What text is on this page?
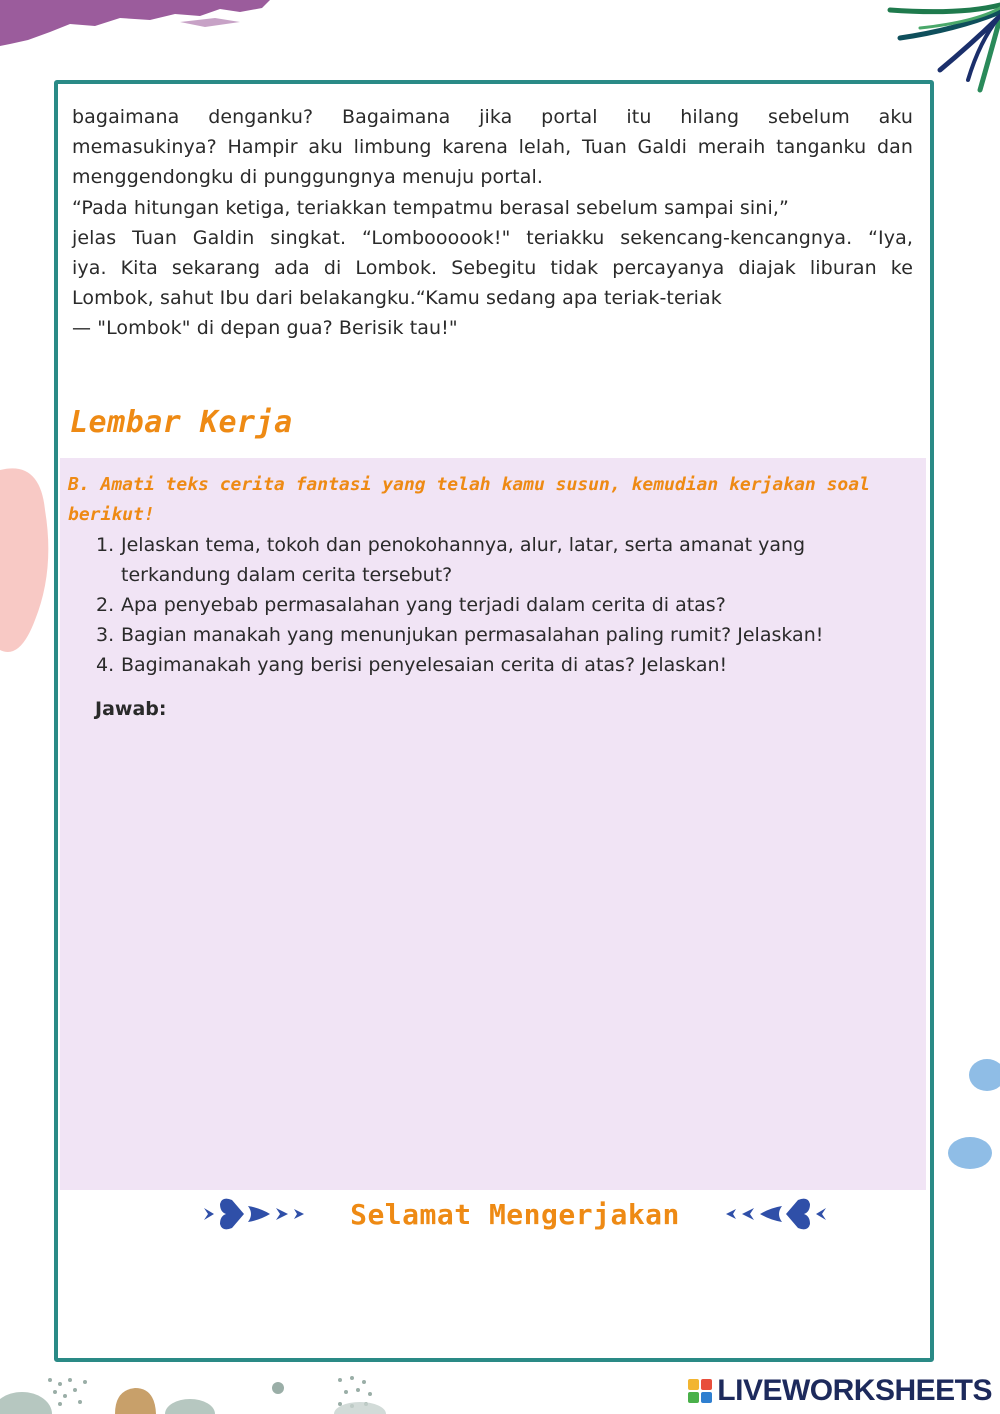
bagaimana denganku? Bagaimana jika portal itu hilang sebelum aku

memasukinya? Hampir aku limbung karena lelah, Tuan Galdi meraih tanganku dan

menggendongku di punggungnya menuju portal.

“Pada hitungan ketiga, teriakkan tempatmu berasal sebelum sampai sini,”

jelas Tuan Galdin singkat. “Lomboooook!" teriakku sekencang-kencangnya. “Iya,

iya. Kita sekarang ada di Lombok. Sebegitu tidak percayanya diajak liburan ke

Lombok, sahut Ibu dari belakangku.“Kamu sedang apa teriak-teriak

— "Lombok" di depan gua? Berisik tau!"

Lembar Kerja
B. Amati teks cerita fantasi yang telah kamu susun, kemudian kerjakan soal berikut!
1. Jelaskan tema, tokoh dan penokohannya, alur, latar, serta amanat yang terkandung dalam cerita tersebut?
2. Apa penyebab permasalahan yang terjadi dalam cerita di atas?
3. Bagian manakah yang menunjukan permasalahan paling rumit? Jelaskan!
4. Bagimanakah yang berisi penyelesaian cerita di atas? Jelaskan!
Jawab:
Selamat Mengerjakan
LIVEWORKSHEETS
